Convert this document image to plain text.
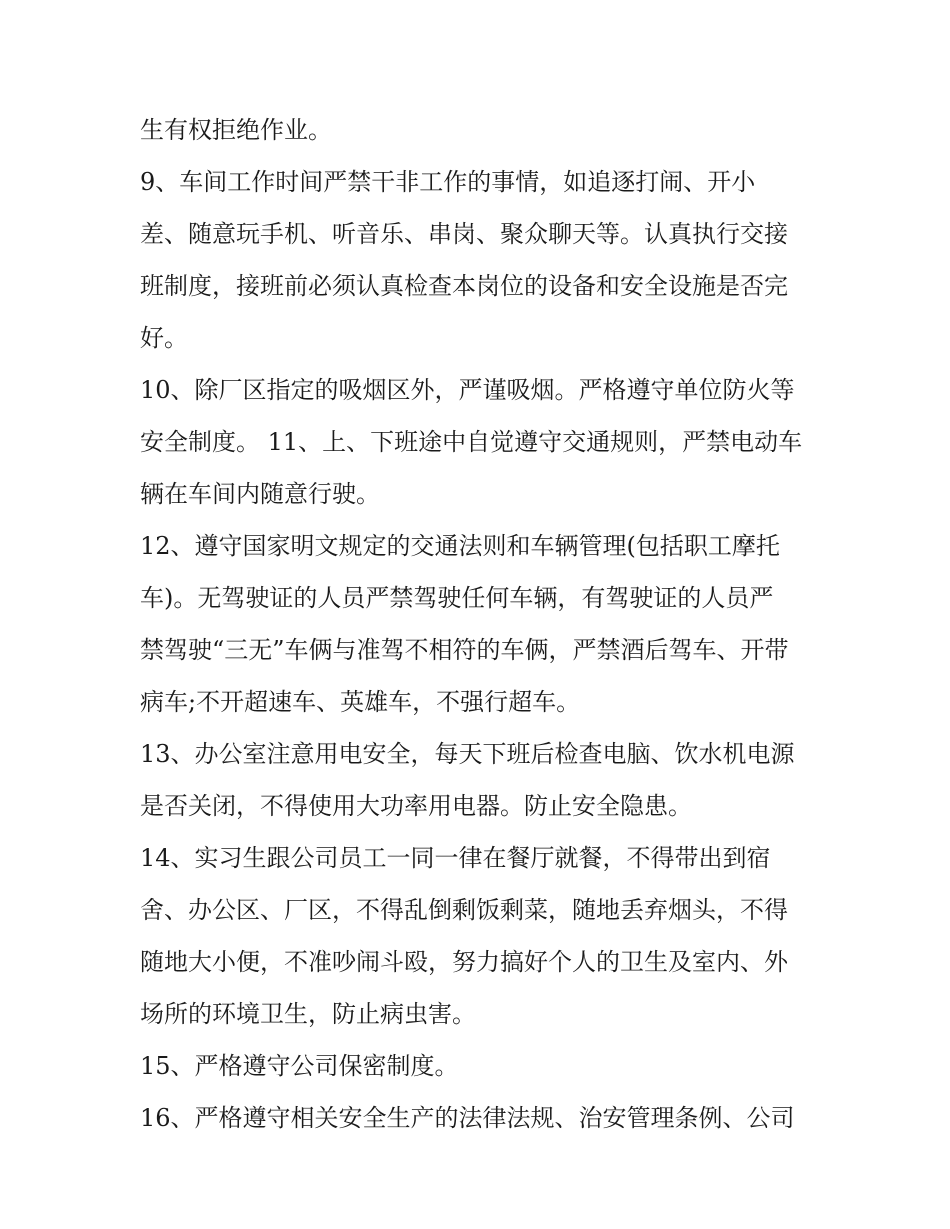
生有权拒绝作业。
9、车间工作时间严禁干非工作的事情，如追逐打闹、开小
差、随意玩手机、听音乐、串岗、聚众聊天等。认真执行交接
班制度，接班前必须认真检查本岗位的设备和安全设施是否完
好。
10、除厂区指定的吸烟区外，严谨吸烟。严格遵守单位防火等
安全制度。 11、上、下班途中自觉遵守交通规则，严禁电动车
辆在车间内随意行驶。
12、遵守国家明文规定的交通法则和车辆管理(包括职工摩托
车)。无驾驶证的人员严禁驾驶任何车辆，有驾驶证的人员严
禁驾驶“三无”车俩与准驾不相符的车俩，严禁酒后驾车、开带
病车;不开超速车、英雄车，不强行超车。
13、办公室注意用电安全，每天下班后检查电脑、饮水机电源
是否关闭，不得使用大功率用电器。防止安全隐患。
14、实习生跟公司员工一同一律在餐厅就餐，不得带出到宿
舍、办公区、厂区，不得乱倒剩饭剩菜，随地丢弃烟头，不得
随地大小便，不准吵闹斗殴，努力搞好个人的卫生及室内、外
场所的环境卫生，防止病虫害。
15、严格遵守公司保密制度。
16、严格遵守相关安全生产的法律法规、治安管理条例、公司
